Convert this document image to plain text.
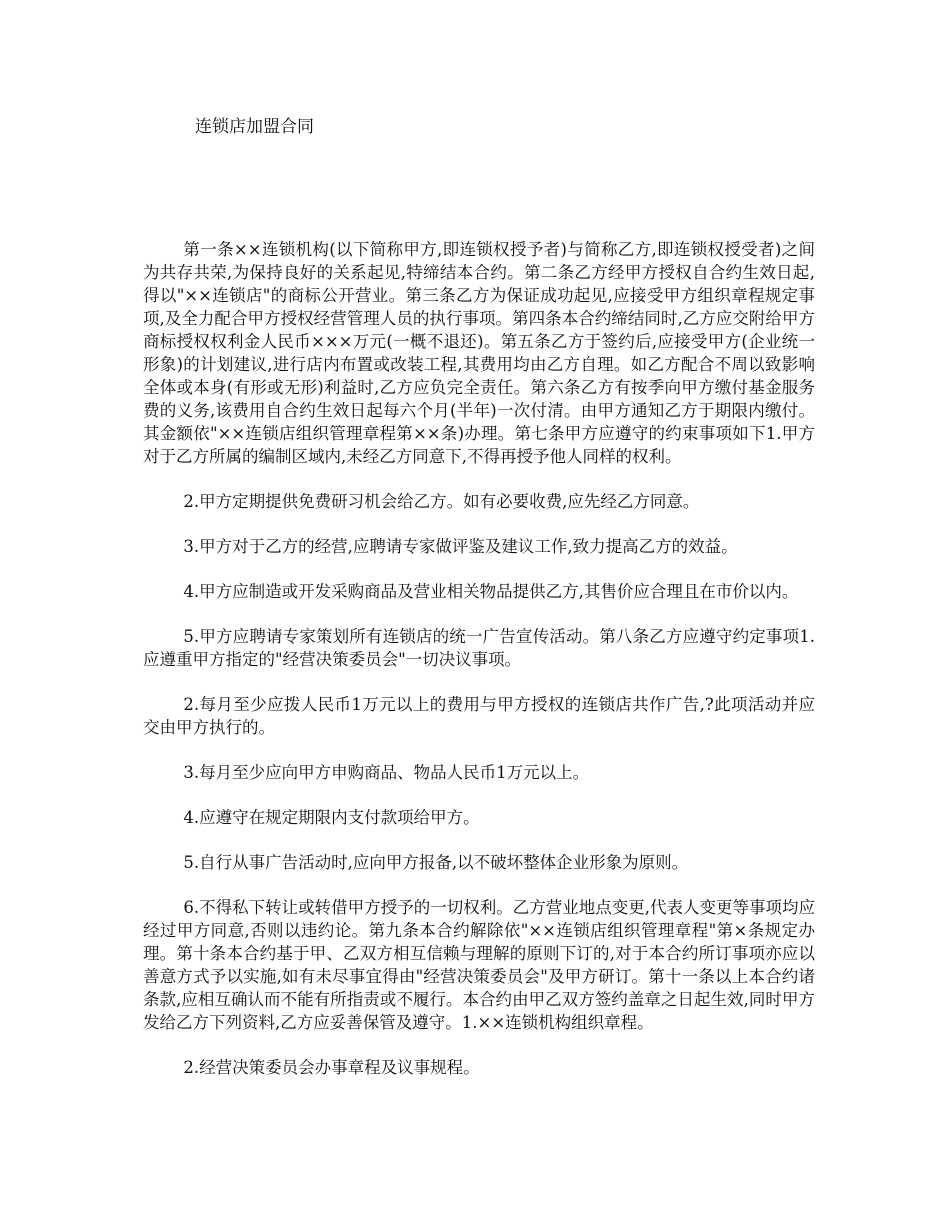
连锁店加盟合同

第一条××连锁机构(以下简称甲方,即连锁权授予者)与简称乙方,即连锁权授受者)之间为共存共荣,为保持良好的关系起见,特缔结本合约。第二条乙方经甲方授权自合约生效日起,得以"××连锁店"的商标公开营业。第三条乙方为保证成功起见,应接受甲方组织章程规定事项,及全力配合甲方授权经营管理人员的执行事项。第四条本合约缔结同时,乙方应交附给甲方商标授权权利金人民币×××万元(一概不退还)。第五条乙方于签约后,应接受甲方(企业统一形象)的计划建议,进行店内布置或改装工程,其费用均由乙方自理。如乙方配合不周以致影响全体或本身(有形或无形)利益时,乙方应负完全责任。第六条乙方有按季向甲方缴付基金服务费的义务,该费用自合约生效日起每六个月(半年)一次付清。由甲方通知乙方于期限内缴付。其金额依"××连锁店组织管理章程第××条)办理。第七条甲方应遵守的约束事项如下1.甲方对于乙方所属的编制区域内,未经乙方同意下,不得再授予他人同样的权利。

2.甲方定期提供免费研习机会给乙方。如有必要收费,应先经乙方同意。

3.甲方对于乙方的经营,应聘请专家做评鉴及建议工作,致力提高乙方的效益。

4.甲方应制造或开发采购商品及营业相关物品提供乙方,其售价应合理且在市价以内。

5.甲方应聘请专家策划所有连锁店的统一广告宣传活动。第八条乙方应遵守约定事项1.应遵重甲方指定的"经营决策委员会"一切决议事项。

2.每月至少应拨人民币1万元以上的费用与甲方授权的连锁店共作广告,?此项活动并应交由甲方执行的。

3.每月至少应向甲方申购商品、物品人民币1万元以上。

4.应遵守在规定期限内支付款项给甲方。

5.自行从事广告活动时,应向甲方报备,以不破坏整体企业形象为原则。

6.不得私下转让或转借甲方授予的一切权利。乙方营业地点变更,代表人变更等事项均应经过甲方同意,否则以违约论。第九条本合约解除依"××连锁店组织管理章程"第×条规定办理。第十条本合约基于甲、乙双方相互信赖与理解的原则下订的,对于本合约所订事项亦应以善意方式予以实施,如有未尽事宜得由"经营决策委员会"及甲方研订。第十一条以上本合约诸条款,应相互确认而不能有所指责或不履行。本合约由甲乙双方签约盖章之日起生效,同时甲方发给乙方下列资料,乙方应妥善保管及遵守。1.××连锁机构组织章程。

2.经营决策委员会办事章程及议事规程。
